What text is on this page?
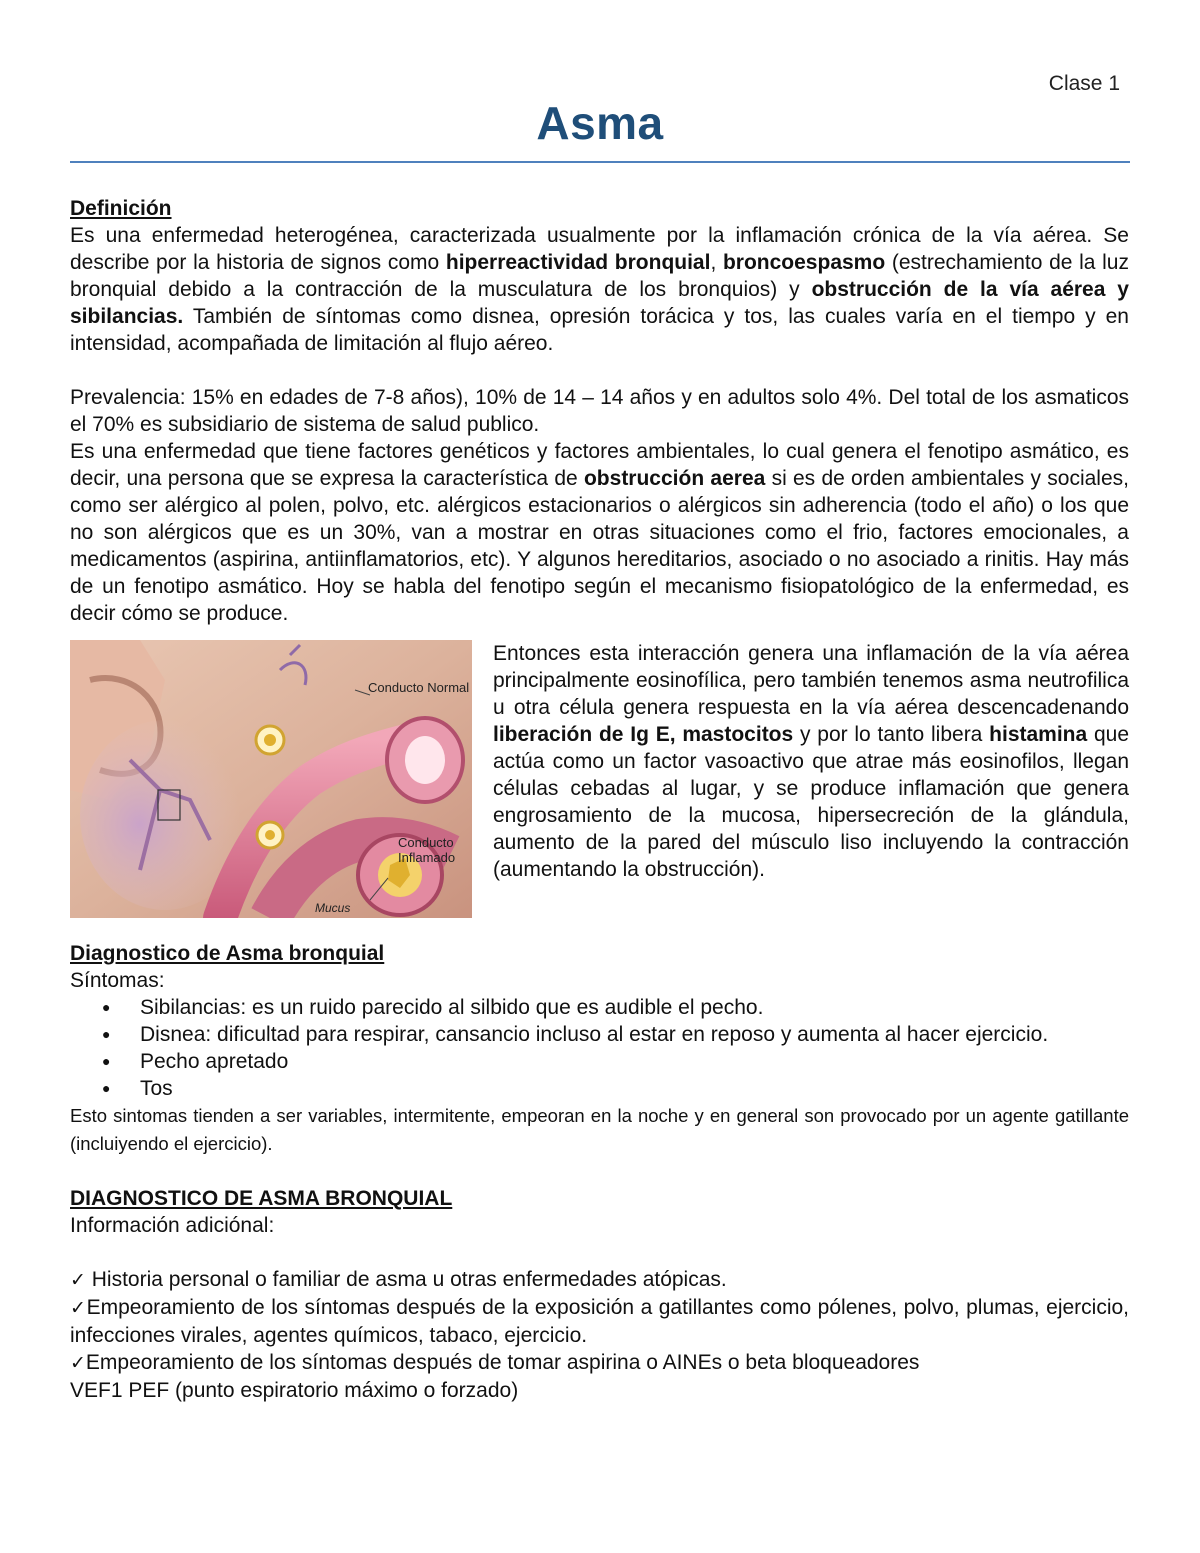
Clase 1
Asma

Definición

Es una enfermedad heterogénea, caracterizada usualmente por la inflamación crónica de la vía aérea. Se describe por la historia de signos como hiperreactividad bronquial, broncoespasmo (estrechamiento de la luz bronquial debido a la contracción de la musculatura de los bronquios) y obstrucción de la vía aérea y sibilancias. También de síntomas como disnea, opresión torácica y tos, las cuales varía en el tiempo y en intensidad, acompañada de limitación al flujo aéreo.

Prevalencia: 15% en edades de 7-8 años), 10% de 14 – 14 años y en adultos solo 4%. Del total de los asmaticos el 70% es subsidiario de sistema de salud publico.

Es una enfermedad que tiene factores genéticos y factores ambientales, lo cual genera el fenotipo asmático, es decir, una persona que se expresa la característica de obstrucción aerea si es de orden ambientales y sociales, como ser alérgico al polen, polvo, etc. alérgicos estacionarios o alérgicos sin adherencia (todo el año) o los que no son alérgicos que es un 30%, van a mostrar en otras situaciones como el frio, factores emocionales, a medicamentos (aspirina, antiinflamatorios, etc). Y algunos hereditarios, asociado o no asociado a rinitis. Hay más de un fenotipo asmático. Hoy se habla del fenotipo según el mecanismo fisiopatológico de la enfermedad, es decir cómo se produce.

Conducto Normal
Conducto
Inflamado
Mucus
Entonces esta interacción genera una inflamación de la vía aérea principalmente eosinofílica, pero también tenemos asma neutrofilica u otra célula genera respuesta en la vía aérea descencadenando liberación de Ig E, mastocitos y por lo tanto libera histamina que actúa como un factor vasoactivo que atrae más eosinofilos, llegan células cebadas al lugar, y se produce inflamación que genera engrosamiento de la mucosa, hipersecreción de la glándula, aumento de la pared del músculo liso incluyendo la contracción (aumentando la obstrucción).

Diagnostico de Asma bronquial

Síntomas:

● Sibilancias: es un ruido parecido al silbido que es audible el pecho.
● Disnea: dificultad para respirar, cansancio incluso al estar en reposo y aumenta al hacer ejercicio.
● Pecho apretado
● Tos

Esto sintomas tienden a ser variables, intermitente, empeoran en la noche y en general son provocado por un agente gatillante (incluiyendo el ejercicio).

DIAGNOSTICO DE ASMA BRONQUIAL

Información adiciónal:

✓ Historia personal o familiar de asma u otras enfermedades atópicas.

✓Empeoramiento de los síntomas después de la exposición a gatillantes como pólenes, polvo, plumas, ejercicio, infecciones virales, agentes químicos, tabaco, ejercicio.

✓Empeoramiento de los síntomas después de tomar aspirina o AINEs o beta bloqueadores

VEF1 PEF (punto espiratorio máximo o forzado)
